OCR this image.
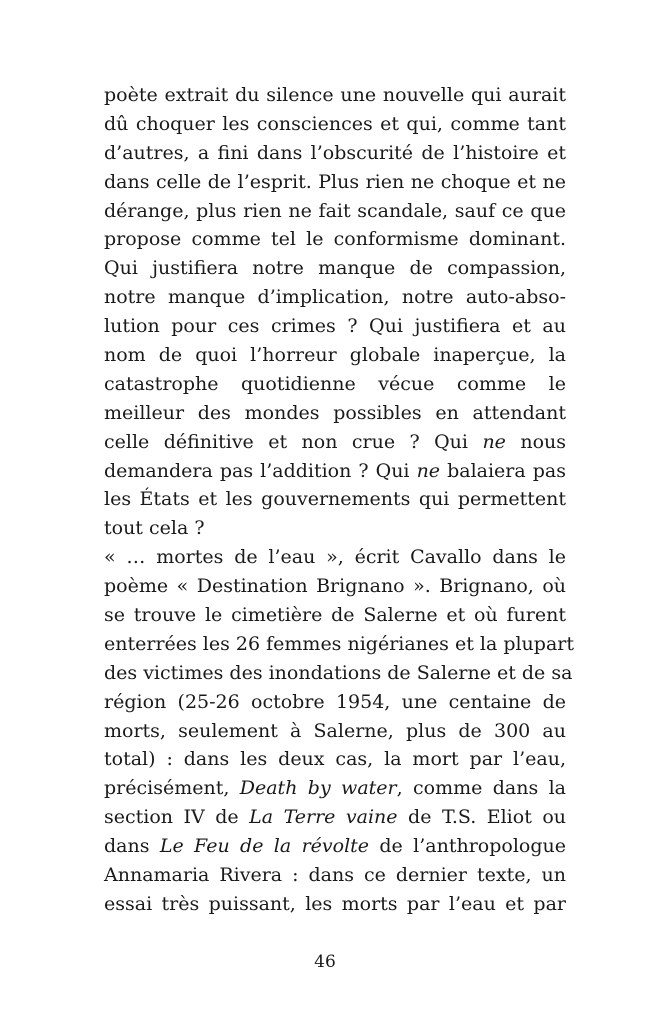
poète extrait du silence une nouvelle qui aurait
dû choquer les consciences et qui, comme tant
d’autres, a fini dans l’obscurité de l’histoire et
dans celle de l’esprit. Plus rien ne choque et ne
dérange, plus rien ne fait scandale, sauf ce que
propose comme tel le conformisme dominant.
Qui justifiera notre manque de compassion,
notre manque d’implication, notre auto-abso-
lution pour ces crimes ? Qui justifiera et au
nom de quoi l’horreur globale inaperçue, la
catastrophe quotidienne vécue comme le
meilleur des mondes possibles en attendant
celle définitive et non crue ? Qui ne nous
demandera pas l’addition ? Qui ne balaiera pas
les États et les gouvernements qui permettent
tout cela ?
« … mortes de l’eau », écrit Cavallo dans le
poème « Destination Brignano ». Brignano, où
se trouve le cimetière de Salerne et où furent
enterrées les 26 femmes nigérianes et la plupart
des victimes des inondations de Salerne et de sa
région (25-26 octobre 1954, une centaine de
morts, seulement à Salerne, plus de 300 au
total) : dans les deux cas, la mort par l’eau,
précisément, Death by water, comme dans la
section IV de La Terre vaine de T.S. Eliot ou
dans Le Feu de la révolte de l’anthropologue
Annamaria Rivera : dans ce dernier texte, un
essai très puissant, les morts par l’eau et par
46
